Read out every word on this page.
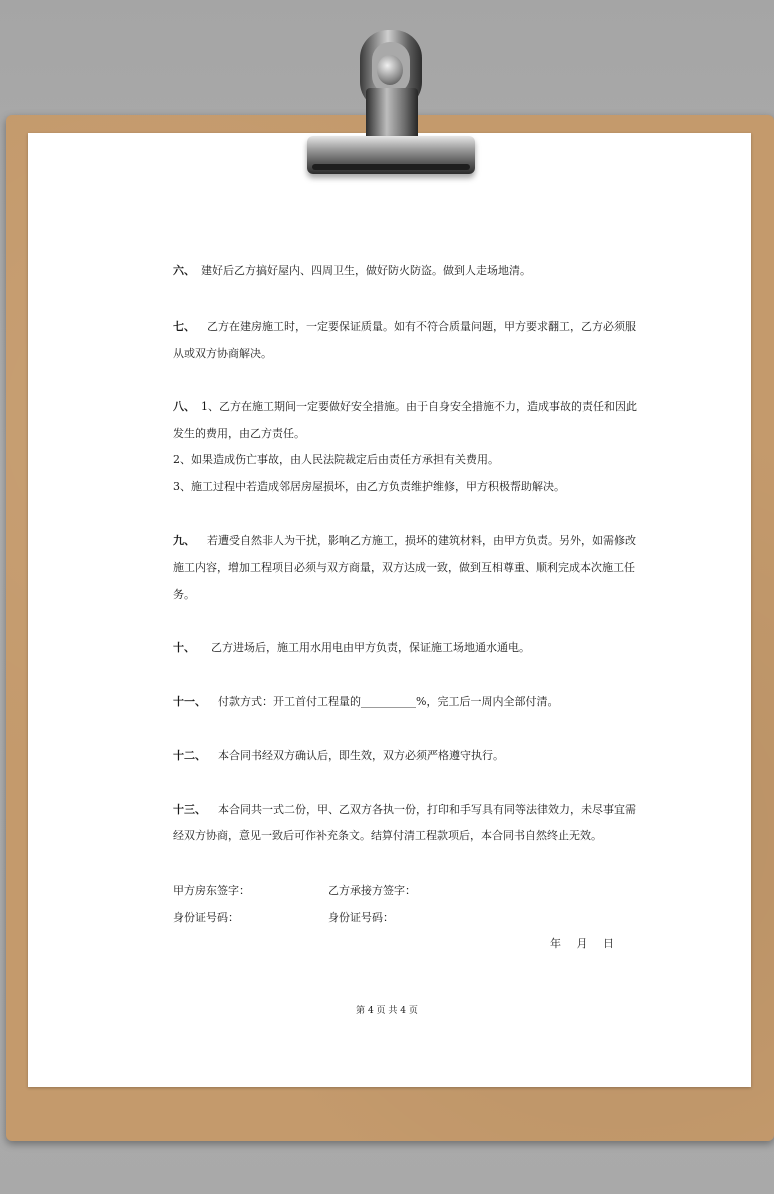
六、 建好后乙方搞好屋内、四周卫生，做好防火防盗。做到人走场地清。
七、 乙方在建房施工时，一定要保证质量。如有不符合质量问题，甲方要求翻工，乙方必须服
从或双方协商解决。
八、 1、乙方在施工期间一定要做好安全措施。由于自身安全措施不力，造成事故的责任和因此
发生的费用，由乙方责任。
2、如果造成伤亡事故，由人民法院裁定后由责任方承担有关费用。
3、施工过程中若造成邻居房屋损坏，由乙方负责维护维修，甲方积极帮助解决。
九、 若遭受自然非人为干扰，影响乙方施工，损坏的建筑材料，由甲方负责。另外，如需修改
施工内容，增加工程项目必须与双方商量，双方达成一致，做到互相尊重、顺利完成本次施工任
务。
十、 乙方进场后，施工用水用电由甲方负责，保证施工场地通水通电。
十一、 付款方式：开工首付工程量的__________%，完工后一周内全部付清。
十二、 本合同书经双方确认后，即生效，双方必须严格遵守执行。
十三、 本合同共一式二份，甲、乙双方各执一份，打印和手写具有同等法律效力，未尽事宜需
经双方协商，意见一致后可作补充条文。结算付清工程款项后，本合同书自然终止无效。
甲方房东签字：	乙方承接方签字：
身份证号码：	身份证号码：
年 月 日
第 4 页 共 4 页
